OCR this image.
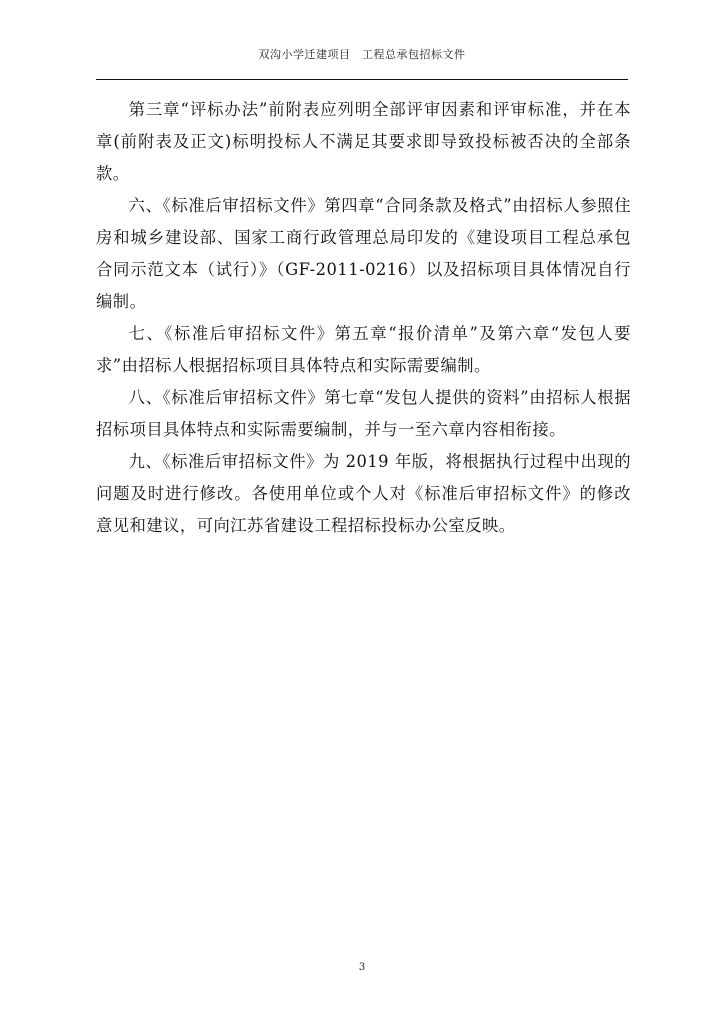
双沟小学迁建项目　工程总承包招标文件

第三章“评标办法”前附表应列明全部评审因素和评审标准，并在本章(前附表及正文)标明投标人不满足其要求即导致投标被否决的全部条款。

六、《标准后审招标文件》第四章“合同条款及格式”由招标人参照住房和城乡建设部、国家工商行政管理总局印发的《建设项目工程总承包合同示范文本（试行）》（GF-2011-0216）以及招标项目具体情况自行编制。

七、《标准后审招标文件》第五章“报价清单”及第六章“发包人要求”由招标人根据招标项目具体特点和实际需要编制。

八、《标准后审招标文件》第七章“发包人提供的资料”由招标人根据招标项目具体特点和实际需要编制，并与一至六章内容相衔接。

九、《标准后审招标文件》为 2019 年版，将根据执行过程中出现的问题及时进行修改。各使用单位或个人对《标准后审招标文件》的修改意见和建议，可向江苏省建设工程招标投标办公室反映。

3
